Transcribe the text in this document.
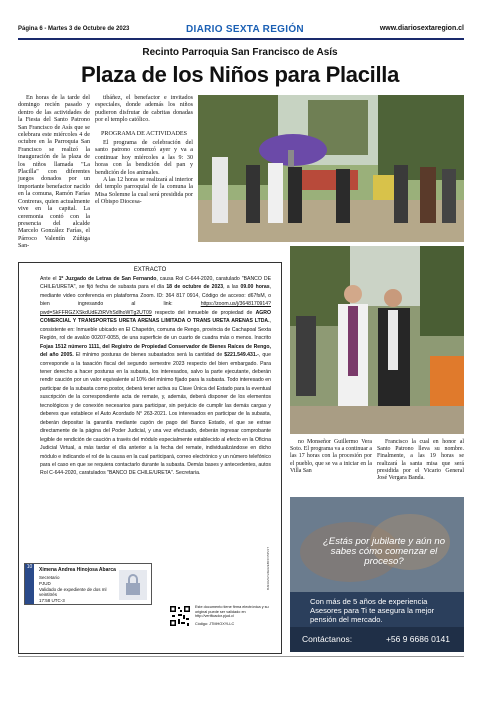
Página 6 - Martes 3 de Octubre de 2023	DIARIO SEXTA REGIÓN	www.diariosextaregion.cl
Recinto Parroquia San Francisco de Asís
Plaza de los Niños para Placilla

En horas de la tarde del domingo recién pasado y dentro de las actividades de la Fiesta del Santo Patrono San Francisco de Asís que se celebrara este miércoles 4 de octubre en la Parroquia San Francisco se realizó la inauguración de la plaza de los niños llamada "La Placilla" con diferentes juegos donados por un importante benefactor nacido en la comuna, Ramón Farías Contreras, quien actualmente vive en la capital. La ceremonia contó con la presencia del alcalde Marcelo González Farías, el Párroco Valentín Zúñiga San-

tibáñez, el benefactor e invitados especiales, donde además los niños pudieron disfrutar de cabritas donadas por el templo católico.

PROGRAMA DE ACTIVIDADES

El programa de celebración del santo patrono comenzó ayer y va a continuar hoy miércoles a las 9: 30 horas con la bendición del pan y bendición de los animales.

A las 12 horas se realizará al interior del templo parroquial de la comuna la Misa Solemne la cual será presidida por el Obispo Diocesa-

no Monseñor Guillermo Vera Soto. El programa va a continuar a las 17 horas con la procesión por el pueblo, que se va a iniciar en la Villa San

Francisco la cual en honor al Santo Patrono lleva su nombre. Finalmente, a las 19 horas se realizará la santa misa que será presidida por el Vicario General José Vergara Banda.

EXTRACTO
Ante el 1º Juzgado de Letras de San Fernando, causa Rol C-644-2020, caratulado "BANCO DE CHILE/URETA", se fijó fecha de subasta para el día 18 de octubre de 2023, a las 09.00 horas, mediante video conferencia en plataforma Zoom. ID: 364 817 0914, Código de acceso: d67fsM, o bien ingresando al link: https://zoom.us/j/3648170914?pwd=SkFFRGZXSkdUdEZtRVhSdlhoWTg2UT09 respecto del inmueble de propiedad de AGRO COMERCIAL Y TRANSPORTES URETA ARENAS LIMITADA O TRANS URETA ARENAS LTDA., consistente en: Inmueble ubicado en El Chapetón, comuna de Rengo, provincia de Cachapoal Sexta Región, rol de avalúo 00207-0055, de una superficie de un cuarto de cuadra más o menos. Inscrito Fojas 1512 número 1111, del Registro de Propiedad Conservador de Bienes Raíces de Rengo, del año 2005. El mínimo posturas de bienes subastados será la cantidad de $221.549.431.-, que corresponde a la tasación fiscal del segundo semestre 2023 respecto del bien embargado. Para tener derecho a hacer posturas en la subasta, los interesados, salvo la parte ejecutante, deberán rendir caución por un valor equivalente al 10% del mínimo fijado para la subasta. Todo interesado en participar de la subasta como postor, deberá tener activa su Clave Única del Estado para la eventual suscripción de la correspondiente acta de remate, y, además, deberá disponer de los elementos tecnológicos y de conexión necesarios para participar, sin perjuicio de cumplir las demás cargas y deberes que establece el Auto Acordado N° 263-2021. Los interesados en participar de la subasta, deberán depositar la garantía mediante cupón de pago del Banco Estado, el que se extrae directamente de la página del Poder Judicial, y una vez efectuado, deberán ingresar comprobante legible de rendición de caución a través del módulo especialmente establecido al efecto en la Oficina Judicial Virtual, a más tardar el día anterior a la fecha del remate, individualizándose en dicho módulo e indicando el rol de la causa en la cual participará, correo electrónico y un número telefónico para el caso en que se requiera contactarlo durante la subasta. Demás bases y antecedentes, autos Rol C-644-2020, caratulados "BANCO DE CHILE/URETA". Secretaria.
10	Ximena Andrea Hinojosa Abarca
Secretario
PJUD
Validado de expediente de dos ml veintitrés
17:58 UTC-3
Este documento tiene firma electrónica y su original puede ser validado en http://verificador.pjud.cl
Código: JTMHOXYLLC
BJ94AVGY24E9ZEBCCV5PVJT
¿Estás por jubilarte y aún no sabes cómo comenzar el proceso?
Con más de 5 años de experiencia Asesores para Ti te asegura la mejor pensión del mercado.
Contáctanos:	+56 9 6686 0141
